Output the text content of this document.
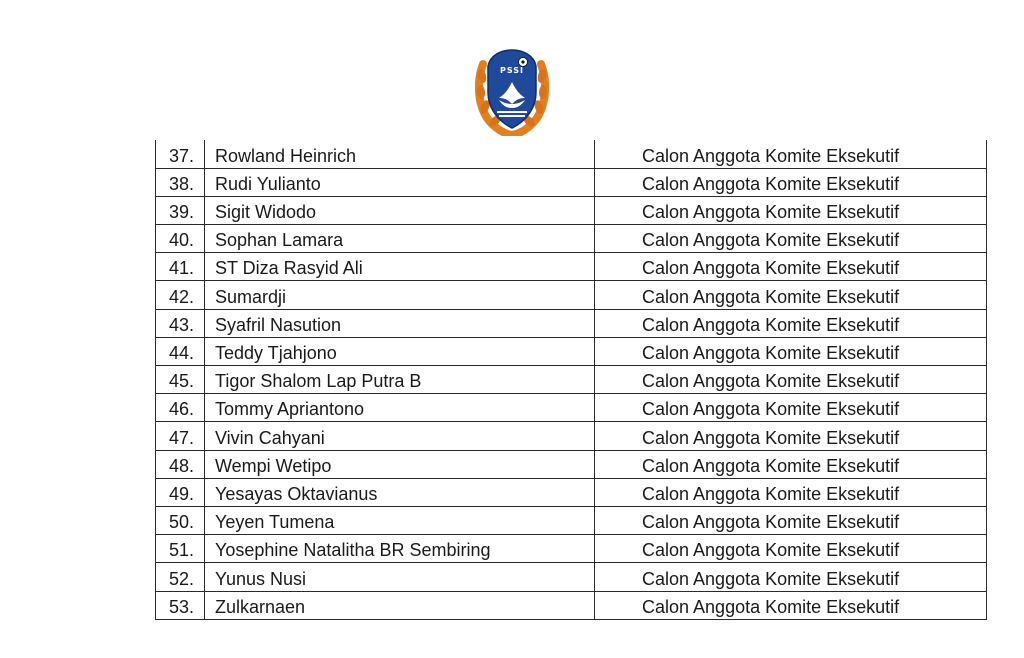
PSSI
37.	Rowland Heinrich	Calon Anggota Komite Eksekutif
38.	Rudi Yulianto	Calon Anggota Komite Eksekutif
39.	Sigit Widodo	Calon Anggota Komite Eksekutif
40.	Sophan Lamara	Calon Anggota Komite Eksekutif
41.	ST Diza Rasyid Ali	Calon Anggota Komite Eksekutif
42.	Sumardji	Calon Anggota Komite Eksekutif
43.	Syafril Nasution	Calon Anggota Komite Eksekutif
44.	Teddy Tjahjono	Calon Anggota Komite Eksekutif
45.	Tigor Shalom Lap Putra B	Calon Anggota Komite Eksekutif
46.	Tommy Apriantono	Calon Anggota Komite Eksekutif
47.	Vivin Cahyani	Calon Anggota Komite Eksekutif
48.	Wempi Wetipo	Calon Anggota Komite Eksekutif
49.	Yesayas Oktavianus	Calon Anggota Komite Eksekutif
50.	Yeyen Tumena	Calon Anggota Komite Eksekutif
51.	Yosephine Natalitha BR Sembiring	Calon Anggota Komite Eksekutif
52.	Yunus Nusi	Calon Anggota Komite Eksekutif
53.	Zulkarnaen	Calon Anggota Komite Eksekutif
